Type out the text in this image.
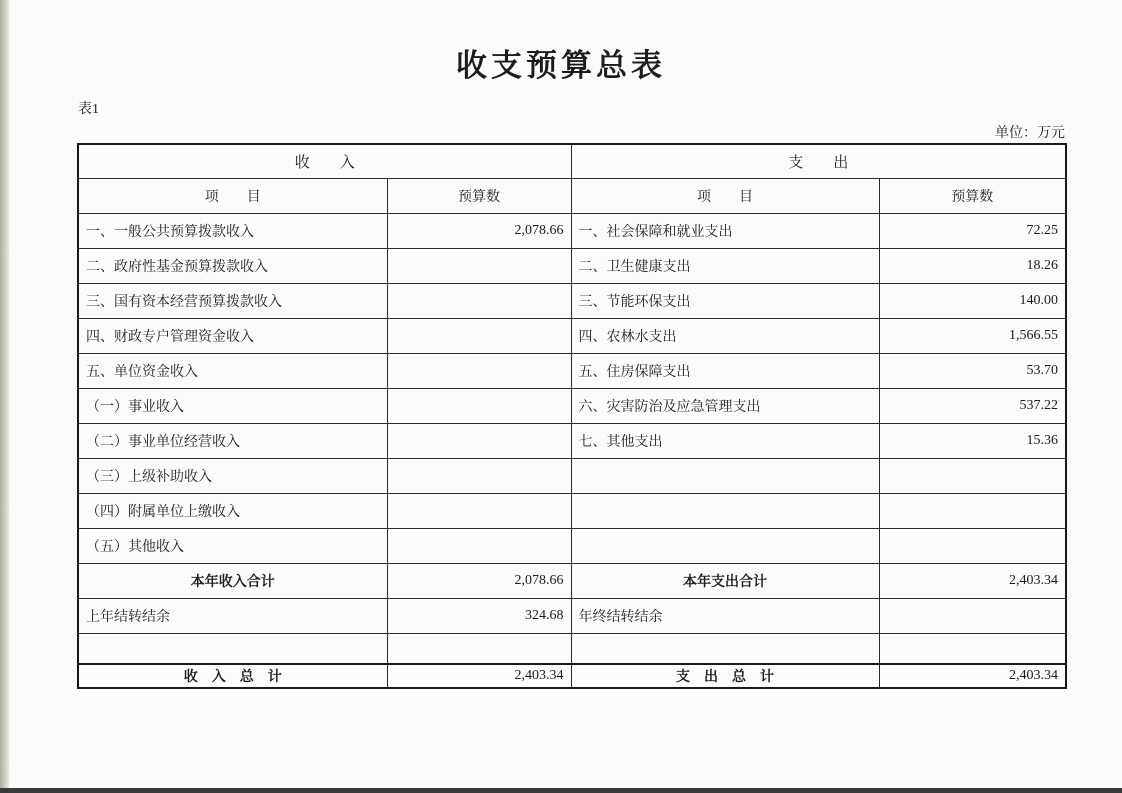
收支预算总表
表1
单位：万元
收　　入		支　　出	
项　　目	预算数	项　　目	预算数
一、一般公共预算拨款收入	2,078.66	一、社会保障和就业支出	72.25
二、政府性基金预算拨款收入		二、卫生健康支出	18.26
三、国有资本经营预算拨款收入		三、节能环保支出	140.00
四、财政专户管理资金收入		四、农林水支出	1,566.55
五、单位资金收入		五、住房保障支出	53.70
（一）事业收入		六、灾害防治及应急管理支出	537.22
（二）事业单位经营收入		七、其他支出	15.36
（三）上级补助收入			
（四）附属单位上缴收入			
（五）其他收入			
本年收入合计	2,078.66	本年支出合计	2,403.34
上年结转结余	324.68	年终结转结余	

收　入　总　计	2,403.34	支　出　总　计	2,403.34
